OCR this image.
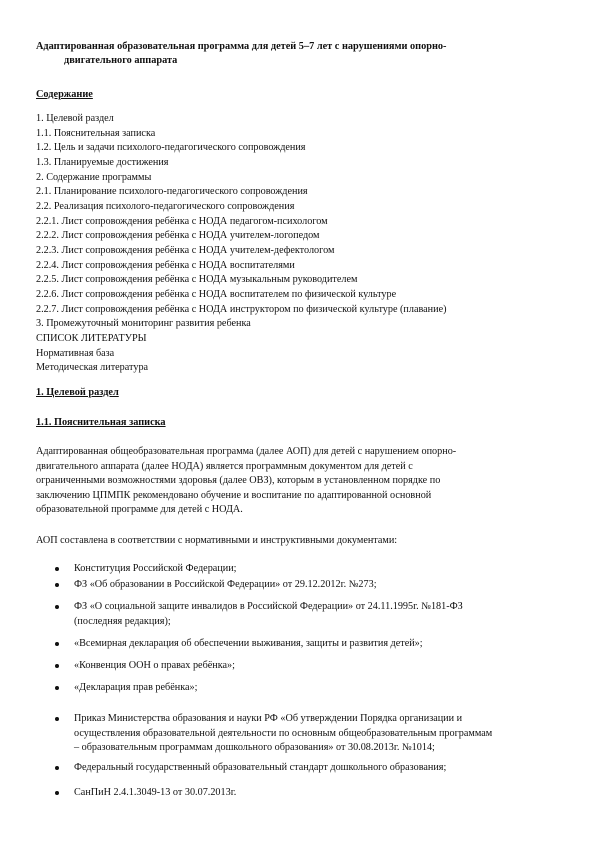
Адаптированная образовательная программа для детей 5–7 лет с нарушениями опорно-
двигательного аппарата
Содержание
1. Целевой раздел
1.1. Пояснительная записка
1.2. Цель и задачи психолого-педагогического сопровождения
1.3. Планируемые достижения
2. Содержание программы
2.1. Планирование психолого-педагогического сопровождения
2.2. Реализация психолого-педагогического сопровождения
2.2.1. Лист сопровождения ребёнка с НОДА педагогом-психологом
2.2.2. Лист сопровождения ребёнка с НОДА учителем-логопедом
2.2.3. Лист сопровождения ребёнка с НОДА учителем-дефектологом
2.2.4. Лист сопровождения ребёнка с НОДА воспитателями
2.2.5. Лист сопровождения ребёнка с НОДА музыкальным руководителем
2.2.6. Лист сопровождения ребёнка с НОДА воспитателем по физической культуре
2.2.7. Лист сопровождения ребёнка с НОДА инструктором по физической культуре (плавание)
3. Промежуточный мониторинг развития ребенка
СПИСОК ЛИТЕРАТУРЫ
Нормативная база
Методическая литература
1. Целевой раздел
1.1. Пояснительная записка
Адаптированная общеобразовательная программа (далее АОП) для детей с нарушением опорно-
двигательного аппарата (далее НОДА) является программным документом для детей с
ограниченными возможностями здоровья (далее ОВЗ), которым в установленном порядке по
заключению ЦПМПК рекомендовано обучение и воспитание по адаптированной основной
образовательной программе для детей с НОДА.
АОП составлена в соответствии с нормативными и инструктивными документами:
Конституция Российской Федерации;
ФЗ «Об образовании в Российской Федерации» от 29.12.2012г. №273;
ФЗ «О социальной защите инвалидов в Российской Федерации» от 24.11.1995г. №181-ФЗ
(последняя редакция);
«Всемирная декларация об обеспечении выживания, защиты и развития детей»;
«Конвенция ООН о правах ребёнка»;
«Декларация прав ребёнка»;
Приказ Министерства образования и науки РФ «Об утверждении Порядка организации и
осуществления образовательной деятельности по основным общеобразовательным программам
– образовательным программам дошкольного образования» от 30.08.2013г. №1014;
Федеральный государственный образовательный стандарт дошкольного образования;
СанПиН 2.4.1.3049-13 от 30.07.2013г.
